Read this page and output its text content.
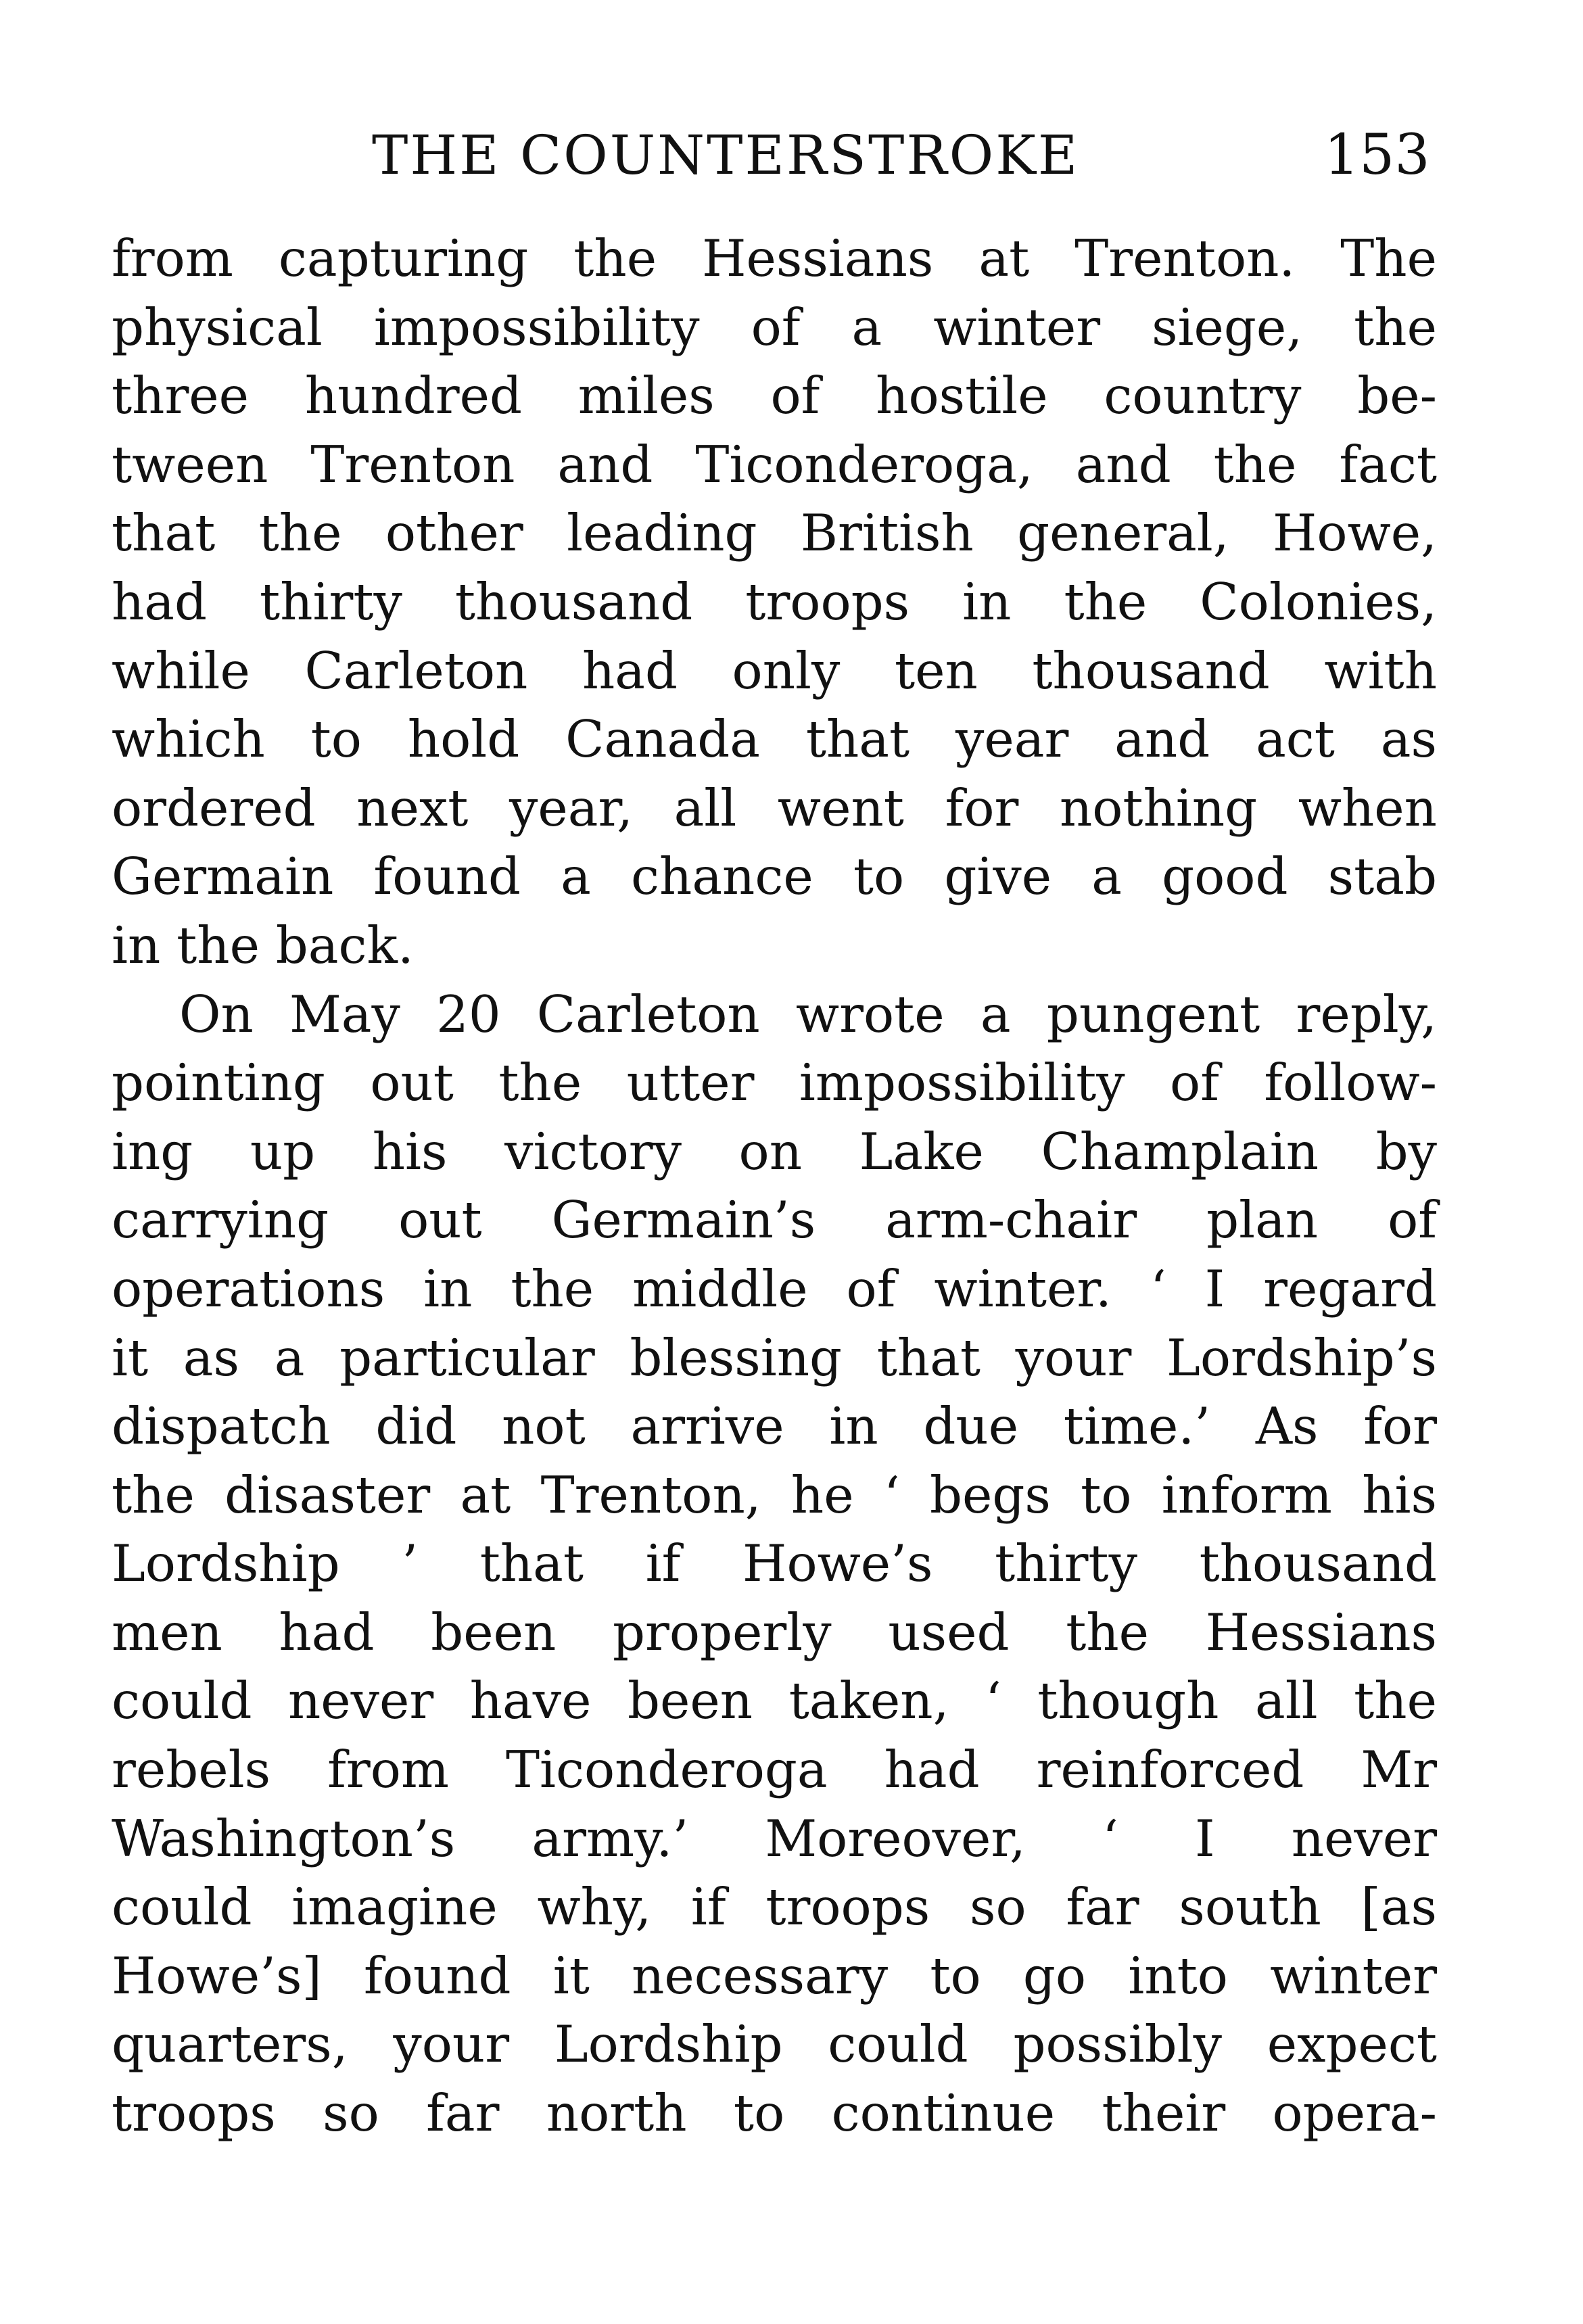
THE COUNTERSTROKE	153
from capturing the Hessians at Trenton. The
physical impossibility of a winter siege, the
three hundred miles of hostile country be-
tween Trenton and Ticonderoga, and the fact
that the other leading British general, Howe,
had thirty thousand troops in the Colonies,
while Carleton had only ten thousand with
which to hold Canada that year and act as
ordered next year, all went for nothing when
Germain found a chance to give a good stab
in the back.
On May 20 Carleton wrote a pungent reply,
pointing out the utter impossibility of follow-
ing up his victory on Lake Champlain by
carrying out Germain’s arm-chair plan of
operations in the middle of winter. ‘ I regard
it as a particular blessing that your Lordship’s
dispatch did not arrive in due time.’ As for
the disaster at Trenton, he ‘ begs to inform his
Lordship ’ that if Howe’s thirty thousand
men had been properly used the Hessians
could never have been taken, ‘ though all the
rebels from Ticonderoga had reinforced Mr
Washington’s army.’ Moreover, ‘ I never
could imagine why, if troops so far south [as
Howe’s] found it necessary to go into winter
quarters, your Lordship could possibly expect
troops so far north to continue their opera-
